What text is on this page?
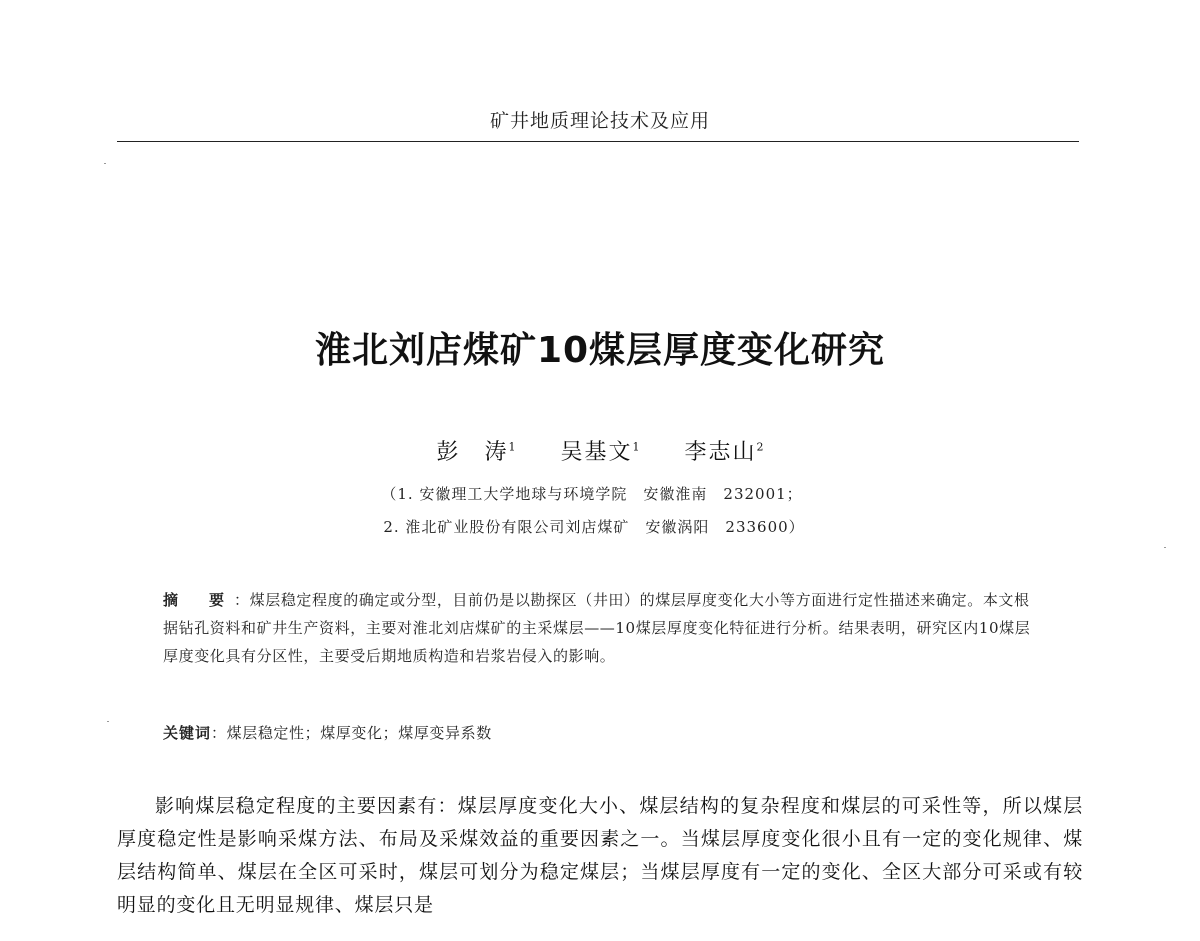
矿井地质理论技术及应用
淮北刘店煤矿10煤层厚度变化研究
彭　涛$^1$ 吴基文$^1$ 李志山$^2$
（1. 安徽理工大学地球与环境学院　安徽淮南　232001；
2. 淮北矿业股份有限公司刘店煤矿　安徽涡阳　233600）
摘　要 ：煤层稳定程度的确定或分型，目前仍是以勘探区（井田）的煤层厚度变化大小等方面进行定性描述来确定。本文根据钻孔资料和矿井生产资料，主要对淮北刘店煤矿的主采煤层——10煤层厚度变化特征进行分析。结果表明，研究区内10煤层厚度变化具有分区性，主要受后期地质构造和岩浆岩侵入的影响。
关键词：煤层稳定性；煤厚变化；煤厚变异系数
影响煤层稳定程度的主要因素有：煤层厚度变化大小、煤层结构的复杂程度和煤层的可采性等，所以煤层厚度稳定性是影响采煤方法、布局及采煤效益的重要因素之一。当煤层厚度变化很小且有一定的变化规律、煤层结构简单、煤层在全区可采时，煤层可划分为稳定煤层；当煤层厚度有一定的变化、全区大部分可采或有较明显的变化且无明显规律、煤层只是
